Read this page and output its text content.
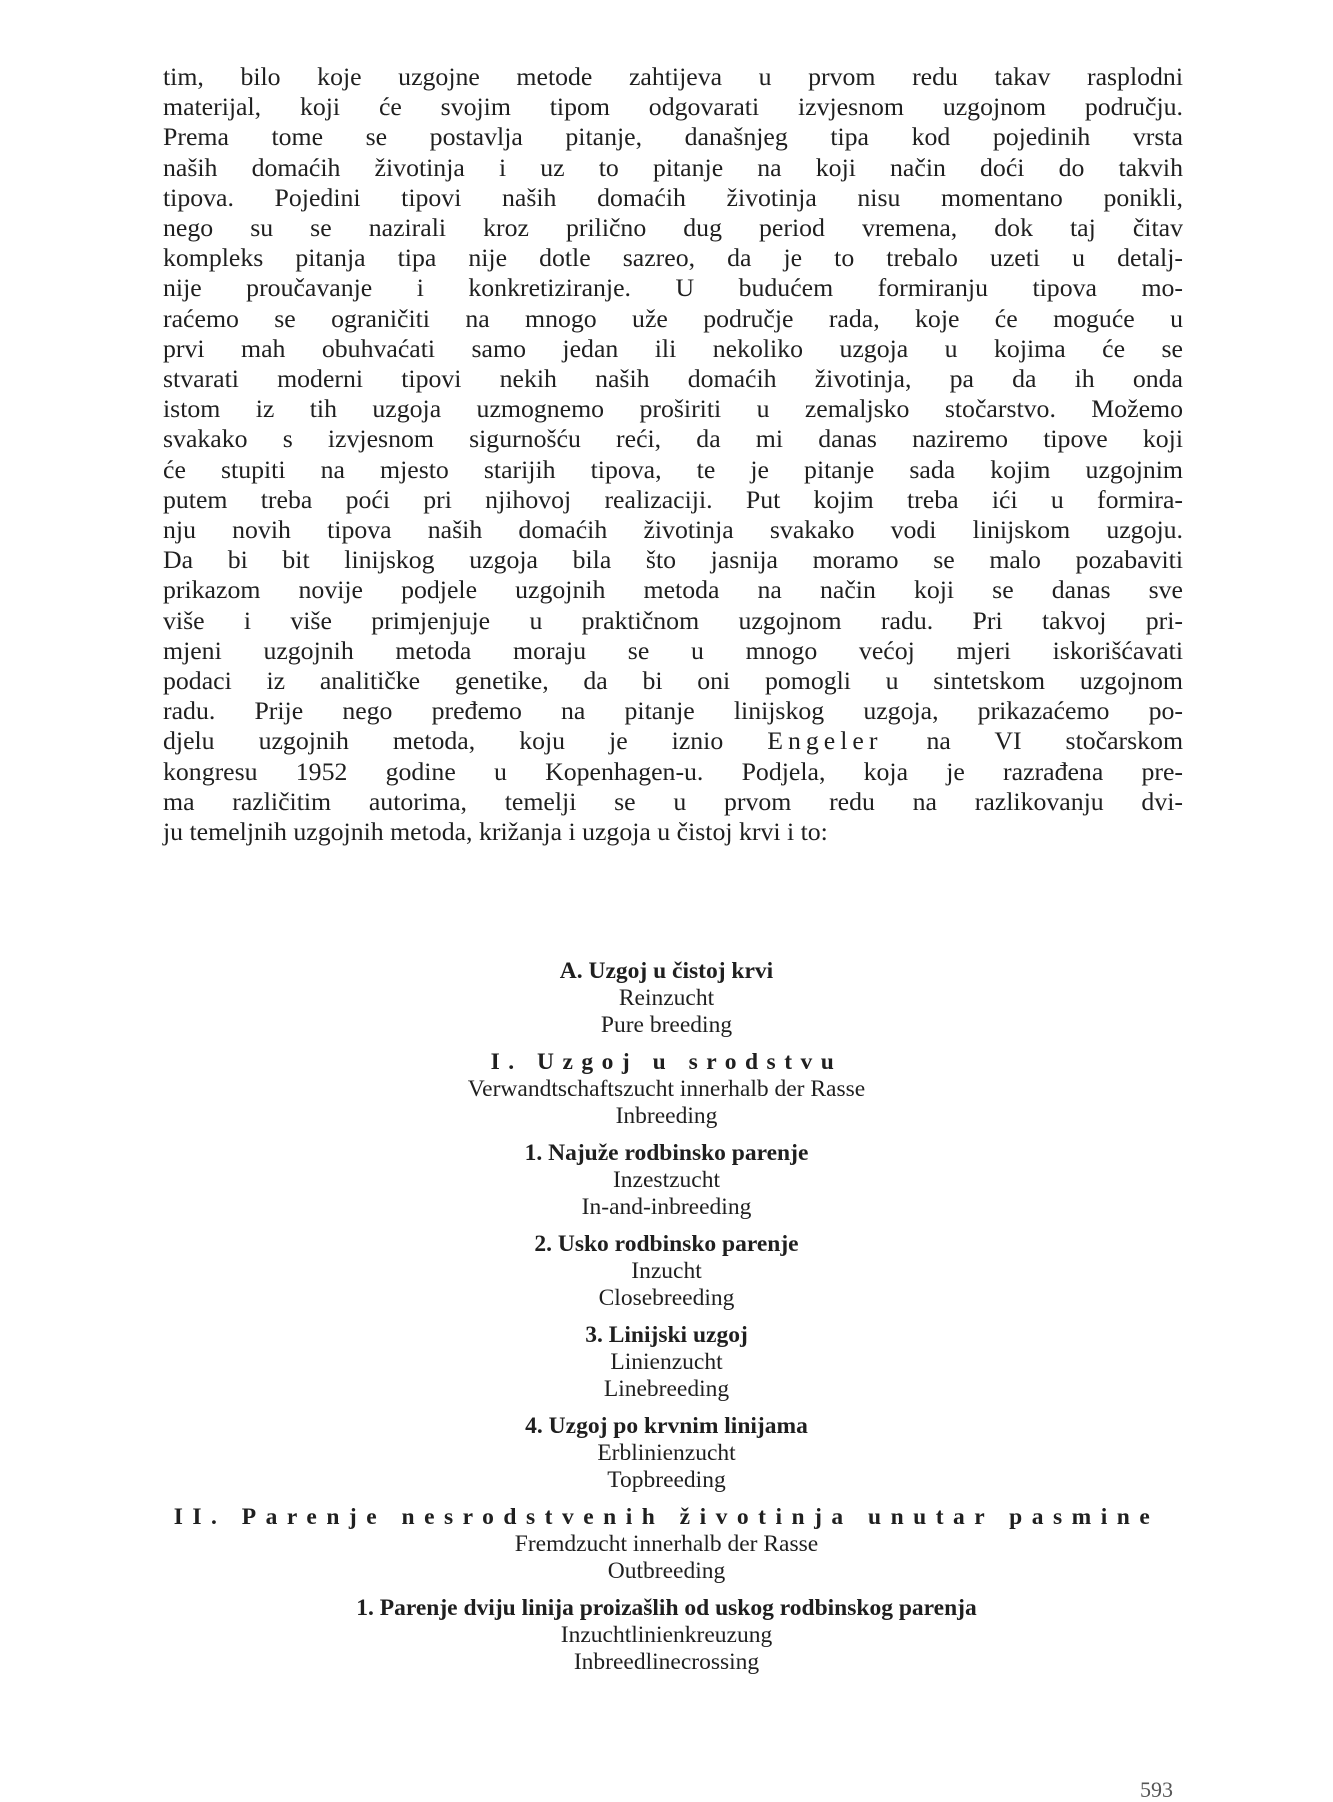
tim, bilo koje uzgojne metode zahtijeva u prvom redu takav rasplodni
materijal, koji će svojim tipom odgovarati izvjesnom uzgojnom području.
Prema tome se postavlja pitanje, današnjeg tipa kod pojedinih vrsta
naših domaćih životinja i uz to pitanje na koji način doći do takvih
tipova. Pojedini tipovi naših domaćih životinja nisu momentano ponikli,
nego su se nazirali kroz prilično dug period vremena, dok taj čitav
kompleks pitanja tipa nije dotle sazreo, da je to trebalo uzeti u detalj-
nije proučavanje i konkretiziranje. U budućem formiranju tipova mo-
raćemo se ograničiti na mnogo uže područje rada, koje će moguće u
prvi mah obuhvaćati samo jedan ili nekoliko uzgoja u kojima će se
stvarati moderni tipovi nekih naših domaćih životinja, pa da ih onda
istom iz tih uzgoja uzmognemo proširiti u zemaljsko stočarstvo. Možemo
svakako s izvjesnom sigurnošću reći, da mi danas naziremo tipove koji
će stupiti na mjesto starijih tipova, te je pitanje sada kojim uzgojnim
putem treba poći pri njihovoj realizaciji. Put kojim treba ići u formira-
nju novih tipova naših domaćih životinja svakako vodi linijskom uzgoju.
Da bi bit linijskog uzgoja bila što jasnija moramo se malo pozabaviti
prikazom novije podjele uzgojnih metoda na način koji se danas sve
više i više primjenjuje u praktičnom uzgojnom radu. Pri takvoj pri-
mjeni uzgojnih metoda moraju se u mnogo većoj mjeri iskorišćavati
podaci iz analitičke genetike, da bi oni pomogli u sintetskom uzgojnom
radu. Prije nego pređemo na pitanje linijskog uzgoja, prikazaćemo po-
djelu uzgojnih metoda, koju je iznio Engeler na VI stočarskom
kongresu 1952 godine u Kopenhagen-u. Podjela, koja je razrađena pre-
ma različitim autorima, temelji se u prvom redu na razlikovanju dvi-
ju temeljnih uzgojnih metoda, križanja i uzgoja u čistoj krvi i to:
A. Uzgoj u čistoj krvi
Reinzucht
Pure breeding
I. Uzgoj u srodstvu
Verwandtschaftszucht innerhalb der Rasse
Inbreeding
1. Najuže rodbinsko parenje
Inzestzucht
In-and-inbreeding
2. Usko rodbinsko parenje
Inzucht
Closebreeding
3. Linijski uzgoj
Linienzucht
Linebreeding
4. Uzgoj po krvnim linijama
Erblinienzucht
Topbreeding
II. Parenje nesrodstvenih životinja unutar pasmine
Fremdzucht innerhalb der Rasse
Outbreeding
1. Parenje dviju linija proizašlih od uskog rodbinskog parenja
Inzuchtlinienkreuzung
Inbreedlinecrossing
593
